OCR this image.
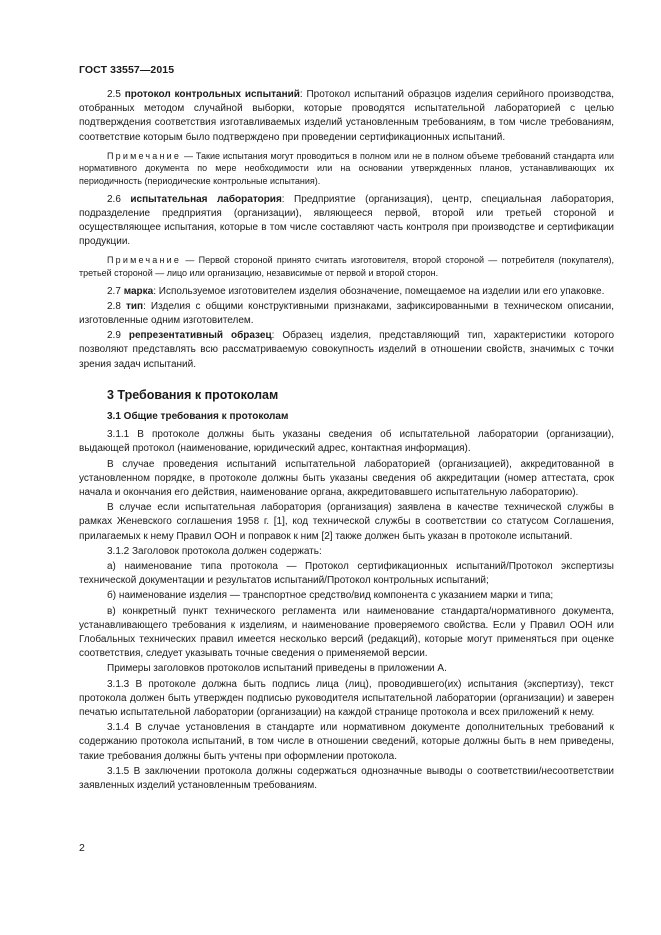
ГОСТ 33557—2015

2.5 протокол контрольных испытаний: Протокол испытаний образцов изделия серийного производства, отобранных методом случайной выборки, которые проводятся испытательной лабораторией с целью подтверждения соответствия изготавливаемых изделий установленным требованиям, в том числе требованиям, соответствие которым было подтверждено при проведении сертификационных испытаний.

Примечание — Такие испытания могут проводиться в полном или не в полном объеме требований стандарта или нормативного документа по мере необходимости или на основании утвержденных планов, устанавливающих их периодичность (периодические контрольные испытания).

2.6 испытательная лаборатория: Предприятие (организация), центр, специальная лаборатория, подразделение предприятия (организации), являющееся первой, второй или третьей стороной и осуществляющее испытания, которые в том числе составляют часть контроля при производстве и сертификации продукции.

Примечание — Первой стороной принято считать изготовителя, второй стороной — потребителя (покупателя), третьей стороной — лицо или организацию, независимые от первой и второй сторон.

2.7 марка: Используемое изготовителем изделия обозначение, помещаемое на изделии или его упаковке.

2.8 тип: Изделия с общими конструктивными признаками, зафиксированными в техническом описании, изготовленные одним изготовителем.

2.9 репрезентативный образец: Образец изделия, представляющий тип, характеристики которого позволяют представлять всю рассматриваемую совокупность изделий в отношении свойств, значимых с точки зрения задач испытаний.

3 Требования к протоколам
3.1 Общие требования к протоколам

3.1.1 В протоколе должны быть указаны сведения об испытательной лаборатории (организации), выдающей протокол (наименование, юридический адрес, контактная информация).

В случае проведения испытаний испытательной лабораторией (организацией), аккредитованной в установленном порядке, в протоколе должны быть указаны сведения об аккредитации (номер аттестата, срок начала и окончания его действия, наименование органа, аккредитовавшего испытательную лабораторию).

В случае если испытательная лаборатория (организация) заявлена в качестве технической службы в рамках Женевского соглашения 1958 г. [1], код технической службы в соответствии со статусом Соглашения, прилагаемых к нему Правил ООН и поправок к ним [2] также должен быть указан в протоколе испытаний.

3.1.2 Заголовок протокола должен содержать:

а) наименование типа протокола — Протокол сертификационных испытаний/Протокол экспертизы технической документации и результатов испытаний/Протокол контрольных испытаний;

б) наименование изделия — транспортное средство/вид компонента с указанием марки и типа;

в) конкретный пункт технического регламента или наименование стандарта/нормативного документа, устанавливающего требования к изделиям, и наименование проверяемого свойства. Если у Правил ООН или Глобальных технических правил имеется несколько версий (редакций), которые могут применяться при оценке соответствия, следует указывать точные сведения о применяемой версии.

Примеры заголовков протоколов испытаний приведены в приложении А.

3.1.3 В протоколе должна быть подпись лица (лиц), проводившего(их) испытания (экспертизу), текст протокола должен быть утвержден подписью руководителя испытательной лаборатории (организации) и заверен печатью испытательной лаборатории (организации) на каждой странице протокола и всех приложений к нему.

3.1.4 В случае установления в стандарте или нормативном документе дополнительных требований к содержанию протокола испытаний, в том числе в отношении сведений, которые должны быть в нем приведены, такие требования должны быть учтены при оформлении протокола.

3.1.5 В заключении протокола должны содержаться однозначные выводы о соответствии/несоответствии заявленных изделий установленным требованиям.

2
